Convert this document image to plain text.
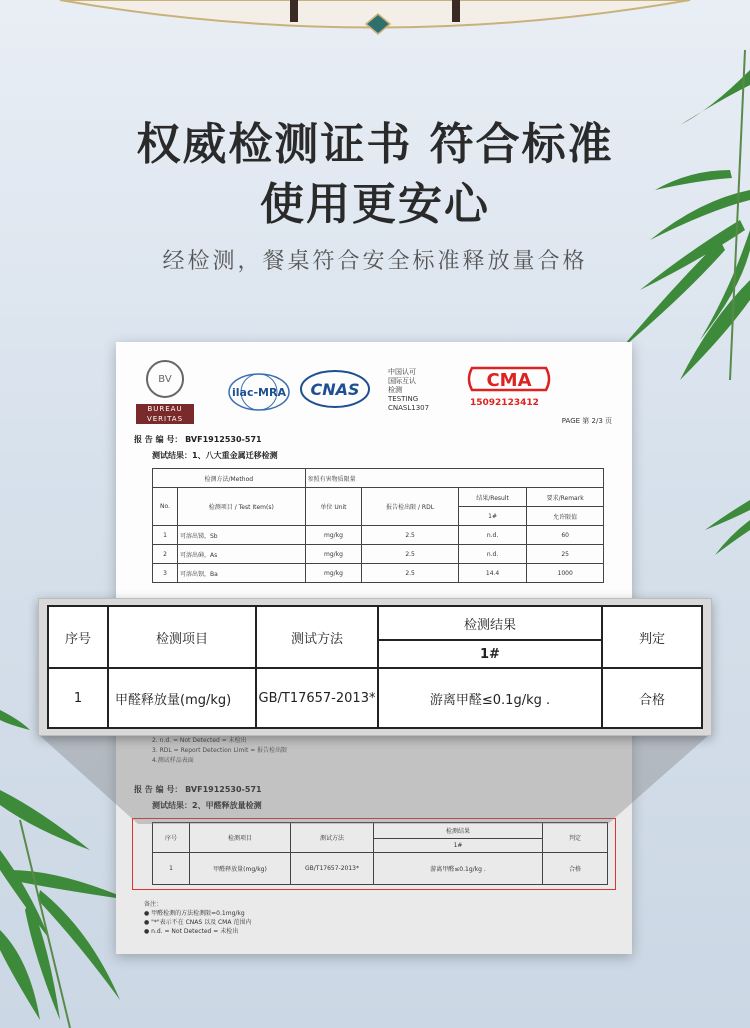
权威检测证书 符合标准
使用更安心
经检测，餐桌符合安全标准释放量合格
BV
BUREAU VERITAS
ilac-MRA CNAS
中国认可
国际互认
检测
TESTING
CNASL1307
CMA
15092123412
PAGE 第 2/3 页
报 告 编 号： BVF1912530-571
测试结果：1、八大重金属迁移检测
检测方法/Method		参照有害物质限量			
No.	检测项目 / Test Item(s)	单位 Unit	报告检出限 / RDL	结果/Result	要求/Remark
				1#	允许限值
1	可溶出锑，Sb	mg/kg	2.5	n.d.	60
2	可溶出砷，As	mg/kg	2.5	n.d.	25
3	可溶出钡，Ba	mg/kg	2.5	14.4	1000
序号	检测项目	测试方法	检测结果	判定
			1#	
1	甲醛释放量(mg/kg)	GB/T17657-2013*	游离甲醛≤0.1g/kg .	合格
备注：
● 甲醛检测的方法检测限=0.1mg/kg
● "*"表示不在 CNAS 以及 CMA 范围内
● n.d. = Not Detected = 未检出
序号	检测项目	测试方法	检测结果	判定
			1#	
1	甲醛释放量(mg/kg)	GB/T17657-2013*	游离甲醛≤0.1g/kg .	合格
